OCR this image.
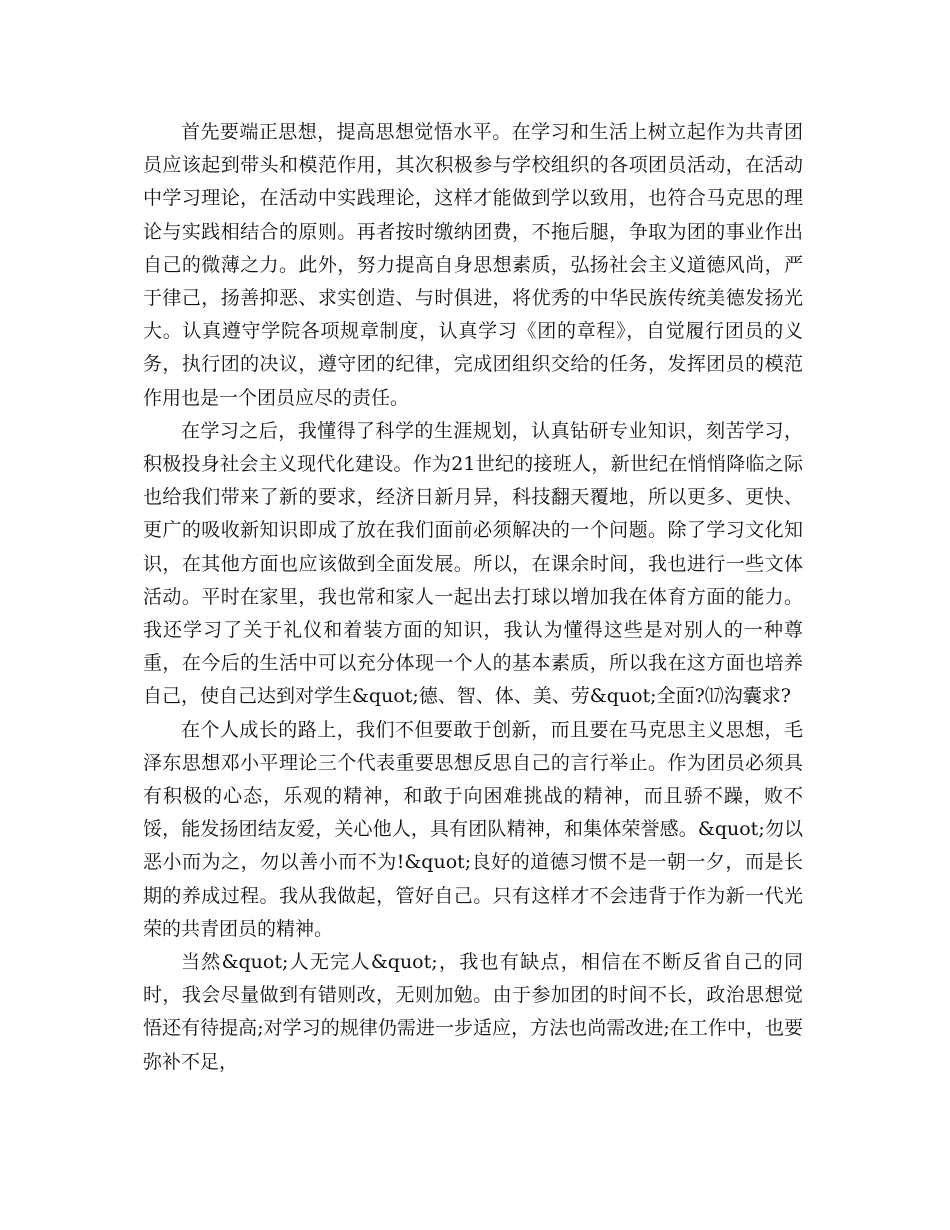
首先要端正思想，提高思想觉悟水平。在学习和生活上树立起作为共青团员应该起到带头和模范作用，其次积极参与学校组织的各项团员活动，在活动中学习理论，在活动中实践理论，这样才能做到学以致用，也符合马克思的理论与实践相结合的原则。再者按时缴纳团费，不拖后腿，争取为团的事业作出自己的微薄之力。此外，努力提高自身思想素质，弘扬社会主义道德风尚，严于律己，扬善抑恶、求实创造、与时俱进，将优秀的中华民族传统美德发扬光大。认真遵守学院各项规章制度，认真学习《团的章程》，自觉履行团员的义务，执行团的决议，遵守团的纪律，完成团组织交给的任务，发挥团员的模范作用也是一个团员应尽的责任。

在学习之后，我懂得了科学的生涯规划，认真钻研专业知识，刻苦学习，积极投身社会主义现代化建设。作为21世纪的接班人，新世纪在悄悄降临之际也给我们带来了新的要求，经济日新月异，科技翻天覆地，所以更多、更快、更广的吸收新知识即成了放在我们面前必须解决的一个问题。除了学习文化知识，在其他方面也应该做到全面发展。所以，在课余时间，我也进行一些文体活动。平时在家里，我也常和家人一起出去打球以增加我在体育方面的能力。我还学习了关于礼仪和着装方面的知识，我认为懂得这些是对别人的一种尊重，在今后的生活中可以充分体现一个人的基本素质，所以我在这方面也培养自己，使自己达到对学生&quot;德、智、体、美、劳&quot;全面?⒄沟囊求?

在个人成长的路上，我们不但要敢于创新，而且要在马克思主义思想，毛泽东思想邓小平理论三个代表重要思想反思自己的言行举止。作为团员必须具有积极的心态，乐观的精神，和敢于向困难挑战的精神，而且骄不躁，败不馁，能发扬团结友爱，关心他人，具有团队精神，和集体荣誉感。&quot;勿以恶小而为之，勿以善小而不为!&quot;良好的道德习惯不是一朝一夕，而是长期的养成过程。我从我做起，管好自己。只有这样才不会违背于作为新一代光荣的共青团员的精神。

当然&quot;人无完人&quot;，我也有缺点，相信在不断反省自己的同时，我会尽量做到有错则改，无则加勉。由于参加团的时间不长，政治思想觉悟还有待提高;对学习的规律仍需进一步适应，方法也尚需改进;在工作中，也要弥补不足，
